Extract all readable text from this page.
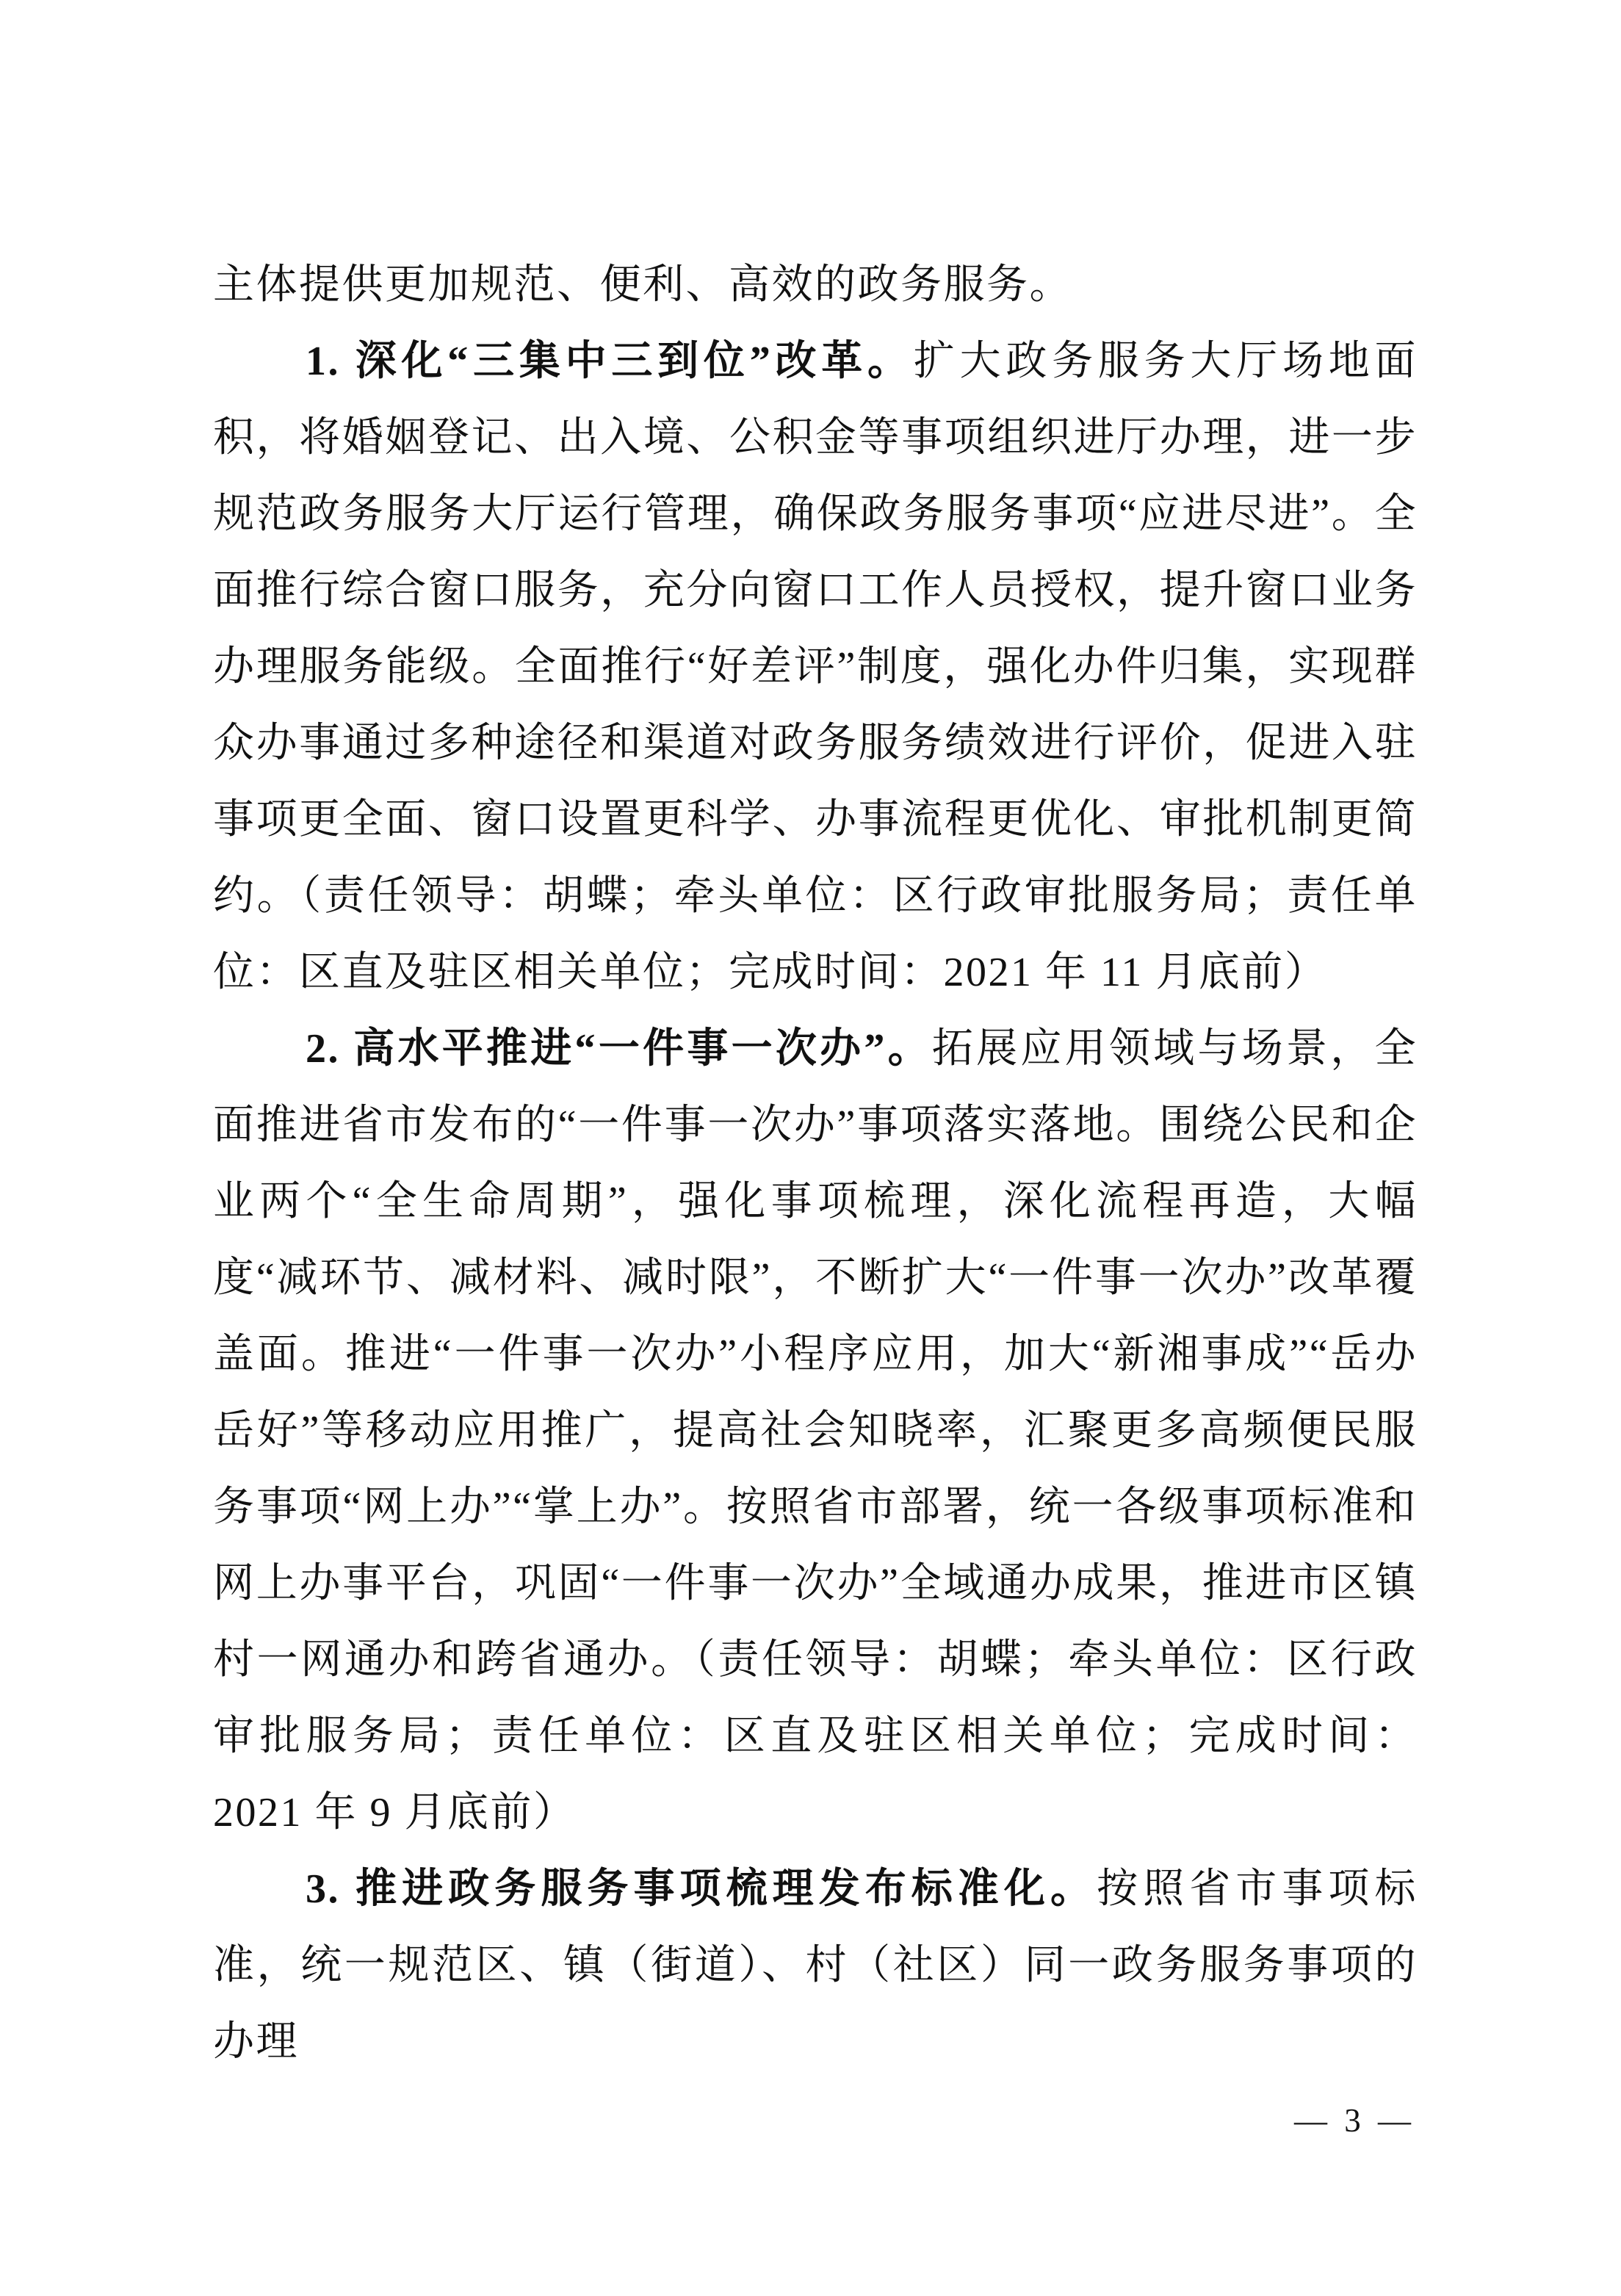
主体提供更加规范、便利、高效的政务服务。

1. 深化“三集中三到位”改革。扩大政务服务大厅场地面积，将婚姻登记、出入境、公积金等事项组织进厅办理，进一步规范政务服务大厅运行管理，确保政务服务事项“应进尽进”。全面推行综合窗口服务，充分向窗口工作人员授权，提升窗口业务办理服务能级。全面推行“好差评”制度，强化办件归集，实现群众办事通过多种途径和渠道对政务服务绩效进行评价，促进入驻事项更全面、窗口设置更科学、办事流程更优化、审批机制更简约。（责任领导：胡蝶；牵头单位：区行政审批服务局；责任单位：区直及驻区相关单位；完成时间：2021 年 11 月底前）

2. 高水平推进“一件事一次办”。拓展应用领域与场景，全面推进省市发布的“一件事一次办”事项落实落地。围绕公民和企业两个“全生命周期”，强化事项梳理，深化流程再造，大幅度“减环节、减材料、减时限”，不断扩大“一件事一次办”改革覆盖面。推进“一件事一次办”小程序应用，加大“新湘事成”“岳办岳好”等移动应用推广，提高社会知晓率，汇聚更多高频便民服务事项“网上办”“掌上办”。按照省市部署，统一各级事项标准和网上办事平台，巩固“一件事一次办”全域通办成果，推进市区镇村一网通办和跨省通办。（责任领导：胡蝶；牵头单位：区行政审批服务局；责任单位：区直及驻区相关单位；完成时间：2021 年 9 月底前）

3. 推进政务服务事项梳理发布标准化。按照省市事项标准，统一规范区、镇（街道）、村（社区）同一政务服务事项的办理

— 3 —
